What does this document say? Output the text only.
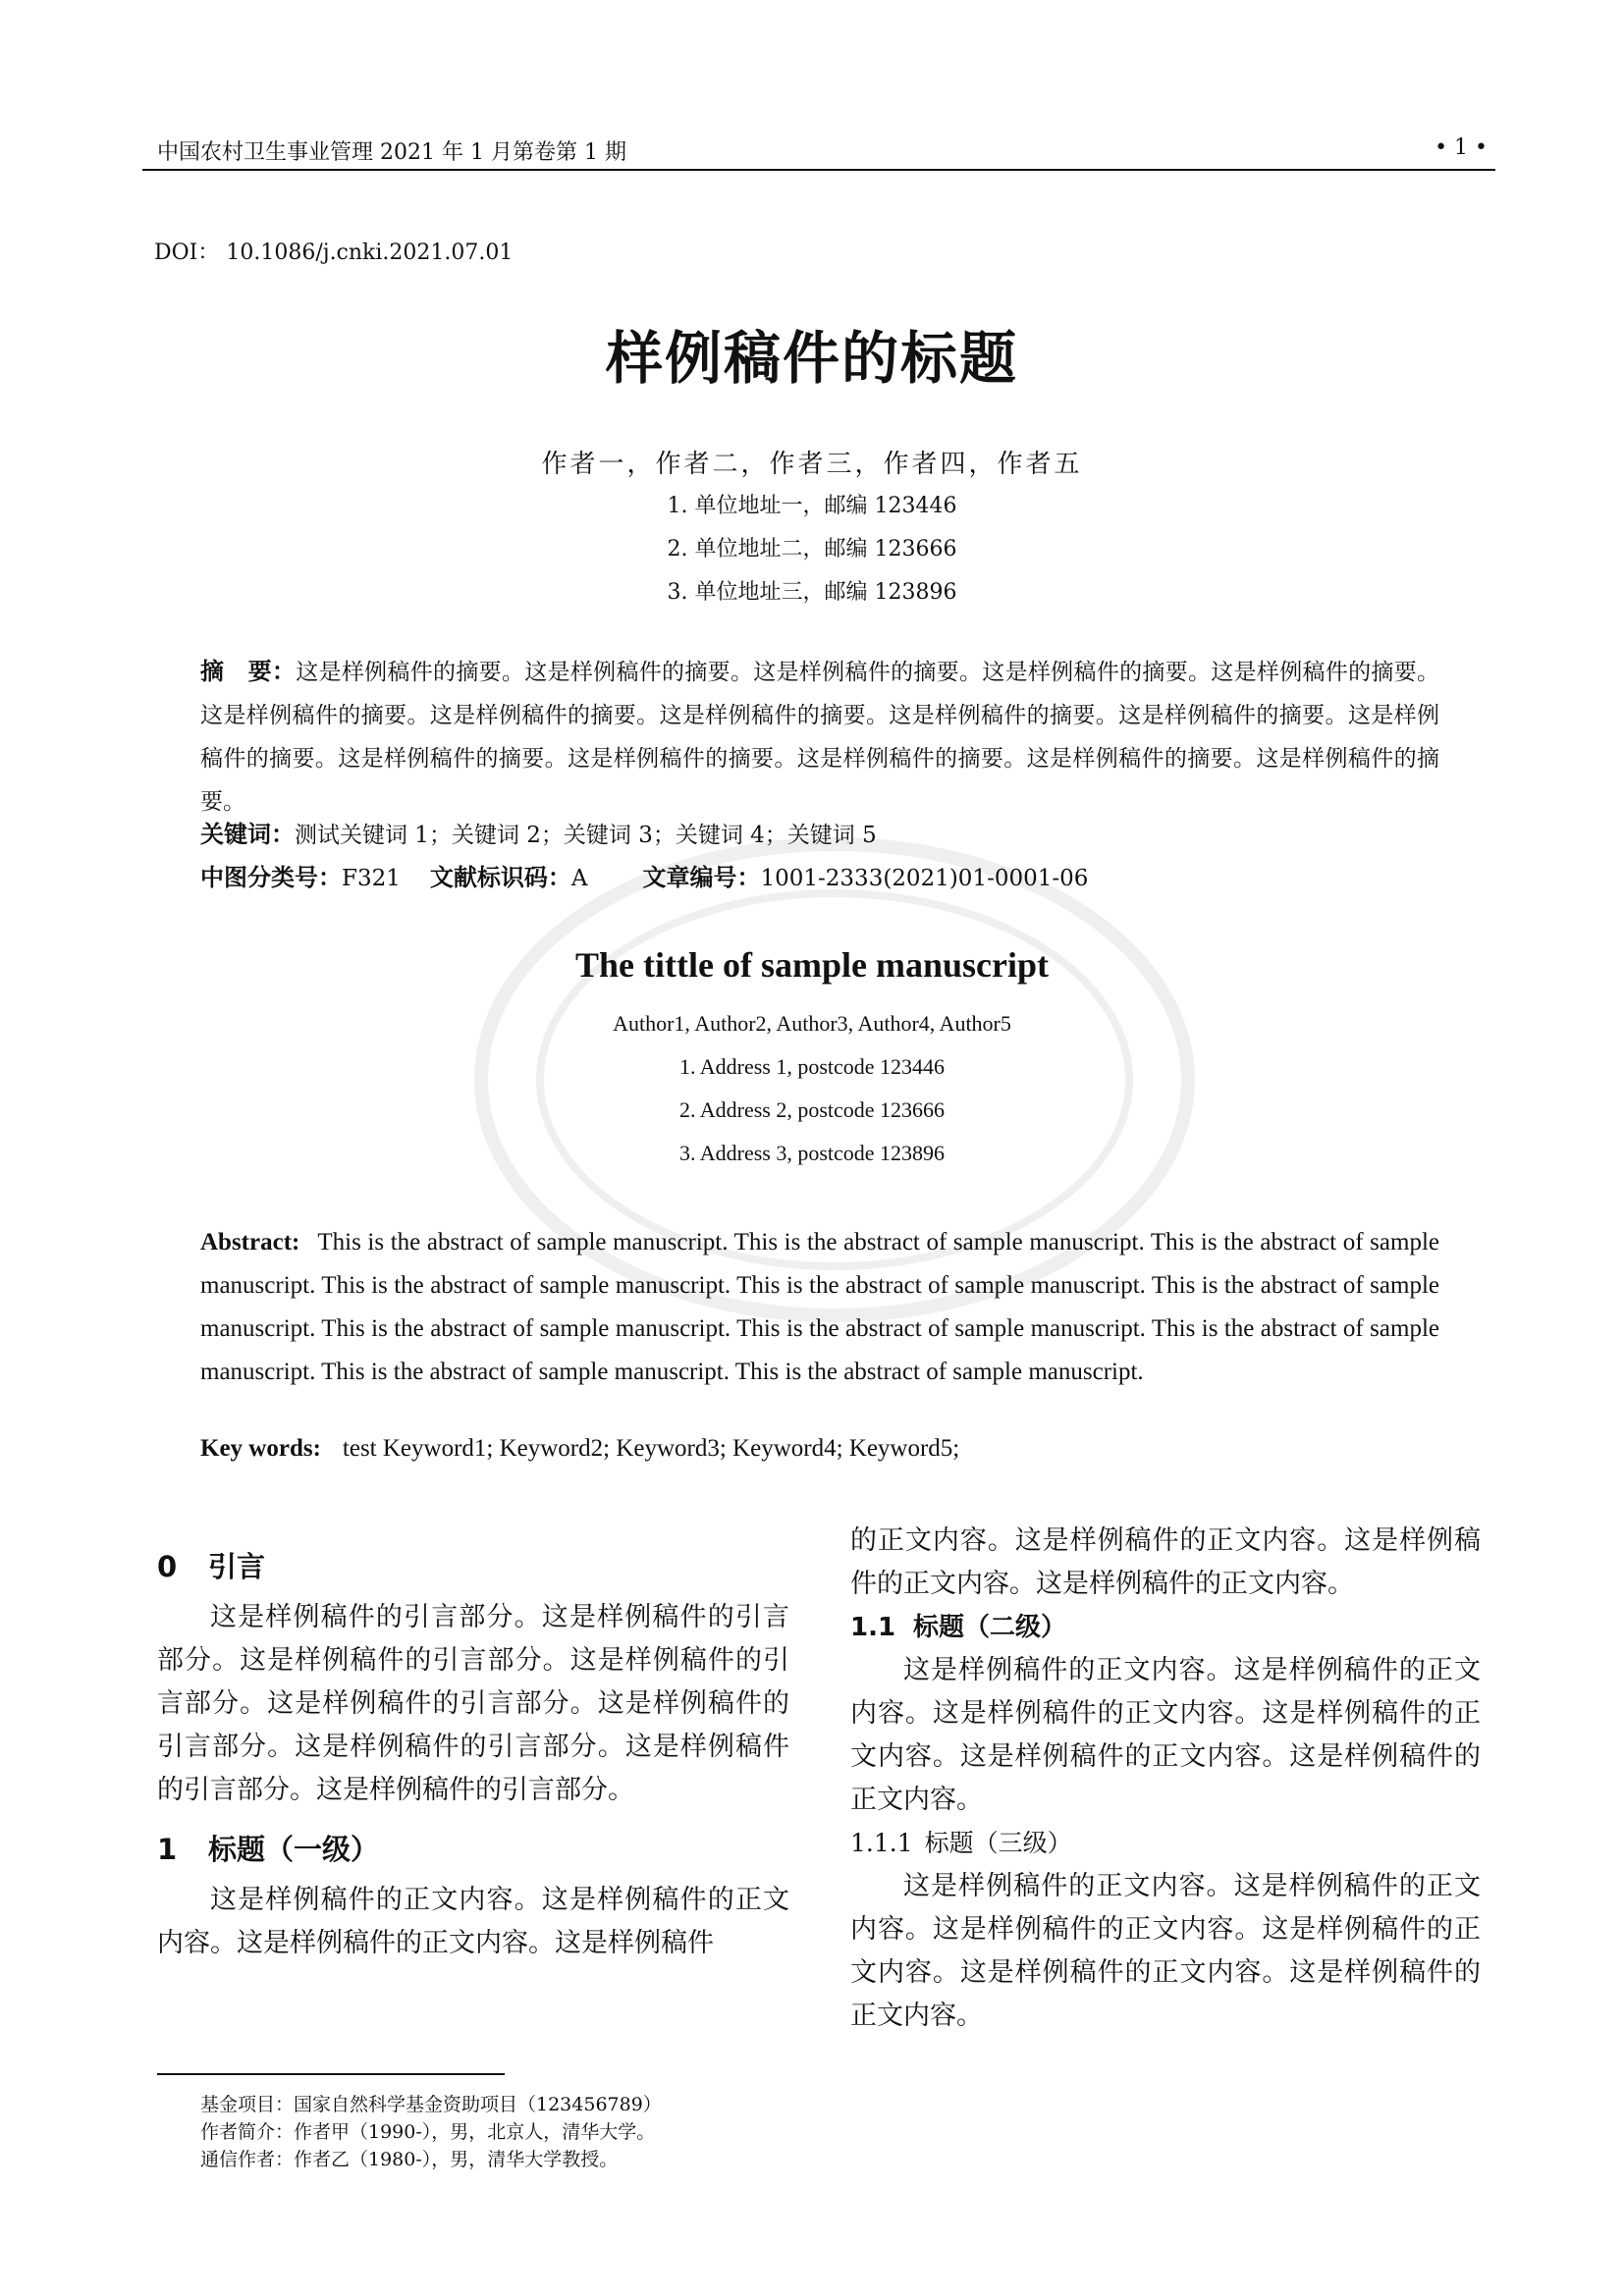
中国农村卫生事业管理 2021 年 1 月第卷第 1 期	• 1 •
DOI： 10.1086/j.cnki.2021.07.01
样例稿件的标题
作者一，作者二，作者三，作者四，作者五
1. 单位地址一，邮编 123446
2. 单位地址二，邮编 123666
3. 单位地址三，邮编 123896
摘　要：这是样例稿件的摘要。这是样例稿件的摘要。这是样例稿件的摘要。这是样例稿件的摘要。这是样例稿件的摘要。这是样例稿件的摘要。这是样例稿件的摘要。这是样例稿件的摘要。这是样例稿件的摘要。这是样例稿件的摘要。这是样例稿件的摘要。这是样例稿件的摘要。这是样例稿件的摘要。这是样例稿件的摘要。这是样例稿件的摘要。这是样例稿件的摘要。
关键词：测试关键词 1；关键词 2；关键词 3；关键词 4；关键词 5
中图分类号：F321 文献标识码：A 文章编号：1001-2333(2021)01-0001-06
The tittle of sample manuscript
Author1, Author2, Author3, Author4, Author5
1. Address 1, postcode 123446
2. Address 2, postcode 123666
3. Address 3, postcode 123896
Abstract: This is the abstract of sample manuscript. This is the abstract of sample manuscript. This is the abstract of sample manuscript. This is the abstract of sample manuscript. This is the abstract of sample manuscript. This is the abstract of sample manuscript. This is the abstract of sample manuscript. This is the abstract of sample manuscript. This is the abstract of sample manuscript. This is the abstract of sample manuscript. This is the abstract of sample manuscript.
Key words: test Keyword1; Keyword2; Keyword3; Keyword4; Keyword5;
0 引言

这是样例稿件的引言部分。这是样例稿件的引言部分。这是样例稿件的引言部分。这是样例稿件的引言部分。这是样例稿件的引言部分。这是样例稿件的引言部分。这是样例稿件的引言部分。这是样例稿件的引言部分。这是样例稿件的引言部分。

1 标题（一级）

这是样例稿件的正文内容。这是样例稿件的正文内容。这是样例稿件的正文内容。这是样例稿件

的正文内容。这是样例稿件的正文内容。这是样例稿件的正文内容。这是样例稿件的正文内容。

1.1 标题（二级）

这是样例稿件的正文内容。这是样例稿件的正文内容。这是样例稿件的正文内容。这是样例稿件的正文内容。这是样例稿件的正文内容。这是样例稿件的正文内容。

1.1.1 标题（三级）

这是样例稿件的正文内容。这是样例稿件的正文内容。这是样例稿件的正文内容。这是样例稿件的正文内容。这是样例稿件的正文内容。这是样例稿件的正文内容。

基金项目：国家自然科学基金资助项目（123456789）
作者简介：作者甲（1990-），男，北京人，清华大学。
通信作者：作者乙（1980-），男，清华大学教授。
